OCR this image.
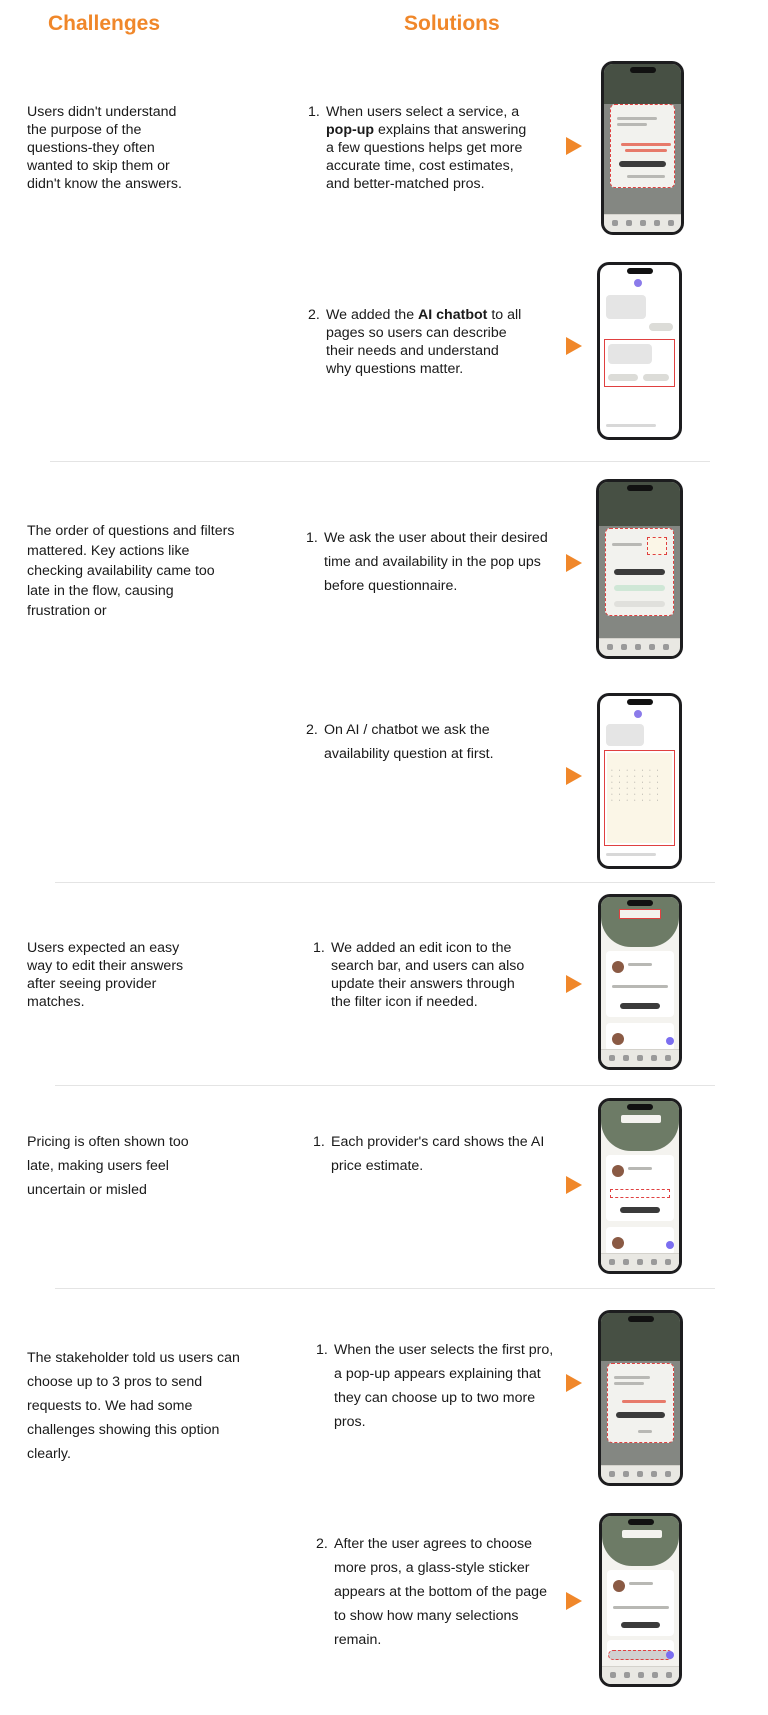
Challenges	Solutions
Users didn't understand the purpose of the questions-they often wanted to skip them or didn't know the answers.
1. When users select a service, a pop-up explains that answering a few questions helps get more accurate time, cost estimates, and better-matched pros.
2. We added the AI chatbot to all pages so users can describe their needs and understand why questions matter.
The order of questions and filters mattered. Key actions like checking availability came too late in the flow, causing frustration or
1. We ask the user about their desired time and availability in the pop ups before questionnaire.
2. On AI / chatbot we ask the availability question at first.
• • • • • • •
• • • • • • •
• • • • • • •
• • • • • • •
• • • • • • •
• • • • • • •
Users expected an easy way to edit their answers after seeing provider matches.
1. We added an edit icon to the search bar, and users can also update their answers through the filter icon if needed.
Pricing is often shown too late, making users feel uncertain or misled
1. Each provider's card shows the AI price estimate.
The stakeholder told us users can choose up to 3 pros to send requests to. We had some challenges showing this option clearly.
1. When the user selects the first pro, a pop-up appears explaining that they can choose up to two more pros.
2. After the user agrees to choose more pros, a glass-style sticker appears at the bottom of the page to show how many selections remain.
